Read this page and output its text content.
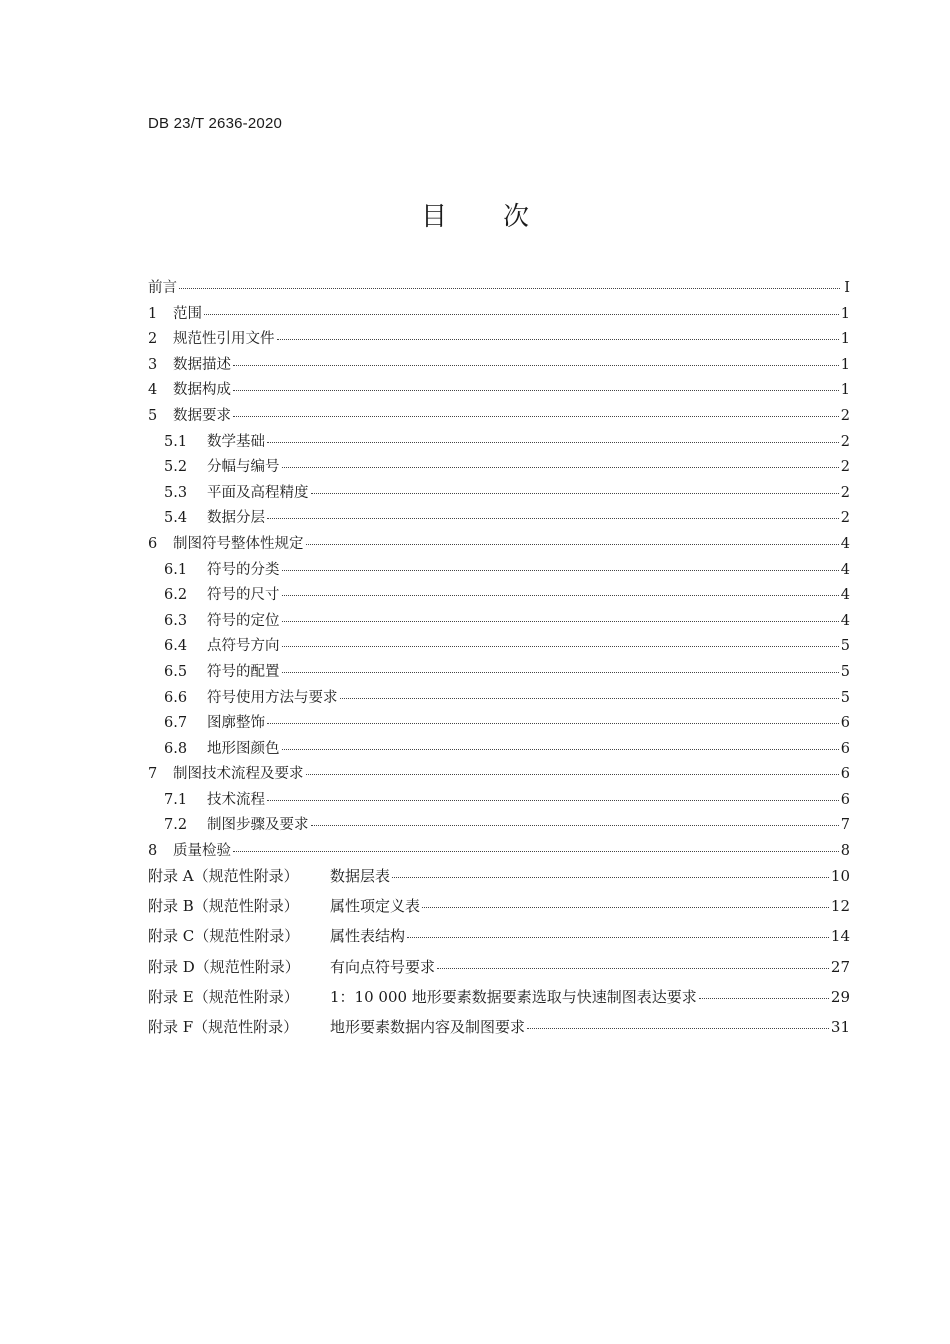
DB 23/T 2636-2020
目次
前言	I
1	范围	1
2	规范性引用文件	1
3	数据描述	1
4	数据构成	1
5	数据要求	2
5.1	数学基础	2
5.2	分幅与编号	2
5.3	平面及高程精度	2
5.4	数据分层	2
6	制图符号整体性规定	4
6.1	符号的分类	4
6.2	符号的尺寸	4
6.3	符号的定位	4
6.4	点符号方向	5
6.5	符号的配置	5
6.6	符号使用方法与要求	5
6.7	图廓整饰	6
6.8	地形图颜色	6
7	制图技术流程及要求	6
7.1	技术流程	6
7.2	制图步骤及要求	7
8	质量检验	8
附录 A（规范性附录）	数据层表	10
附录 B（规范性附录）	属性项定义表	12
附录 C（规范性附录）	属性表结构	14
附录 D（规范性附录）	有向点符号要求	27
附录 E（规范性附录）	1：10 000 地形要素数据要素选取与快速制图表达要求	29
附录 F（规范性附录）	地形要素数据内容及制图要求	31
